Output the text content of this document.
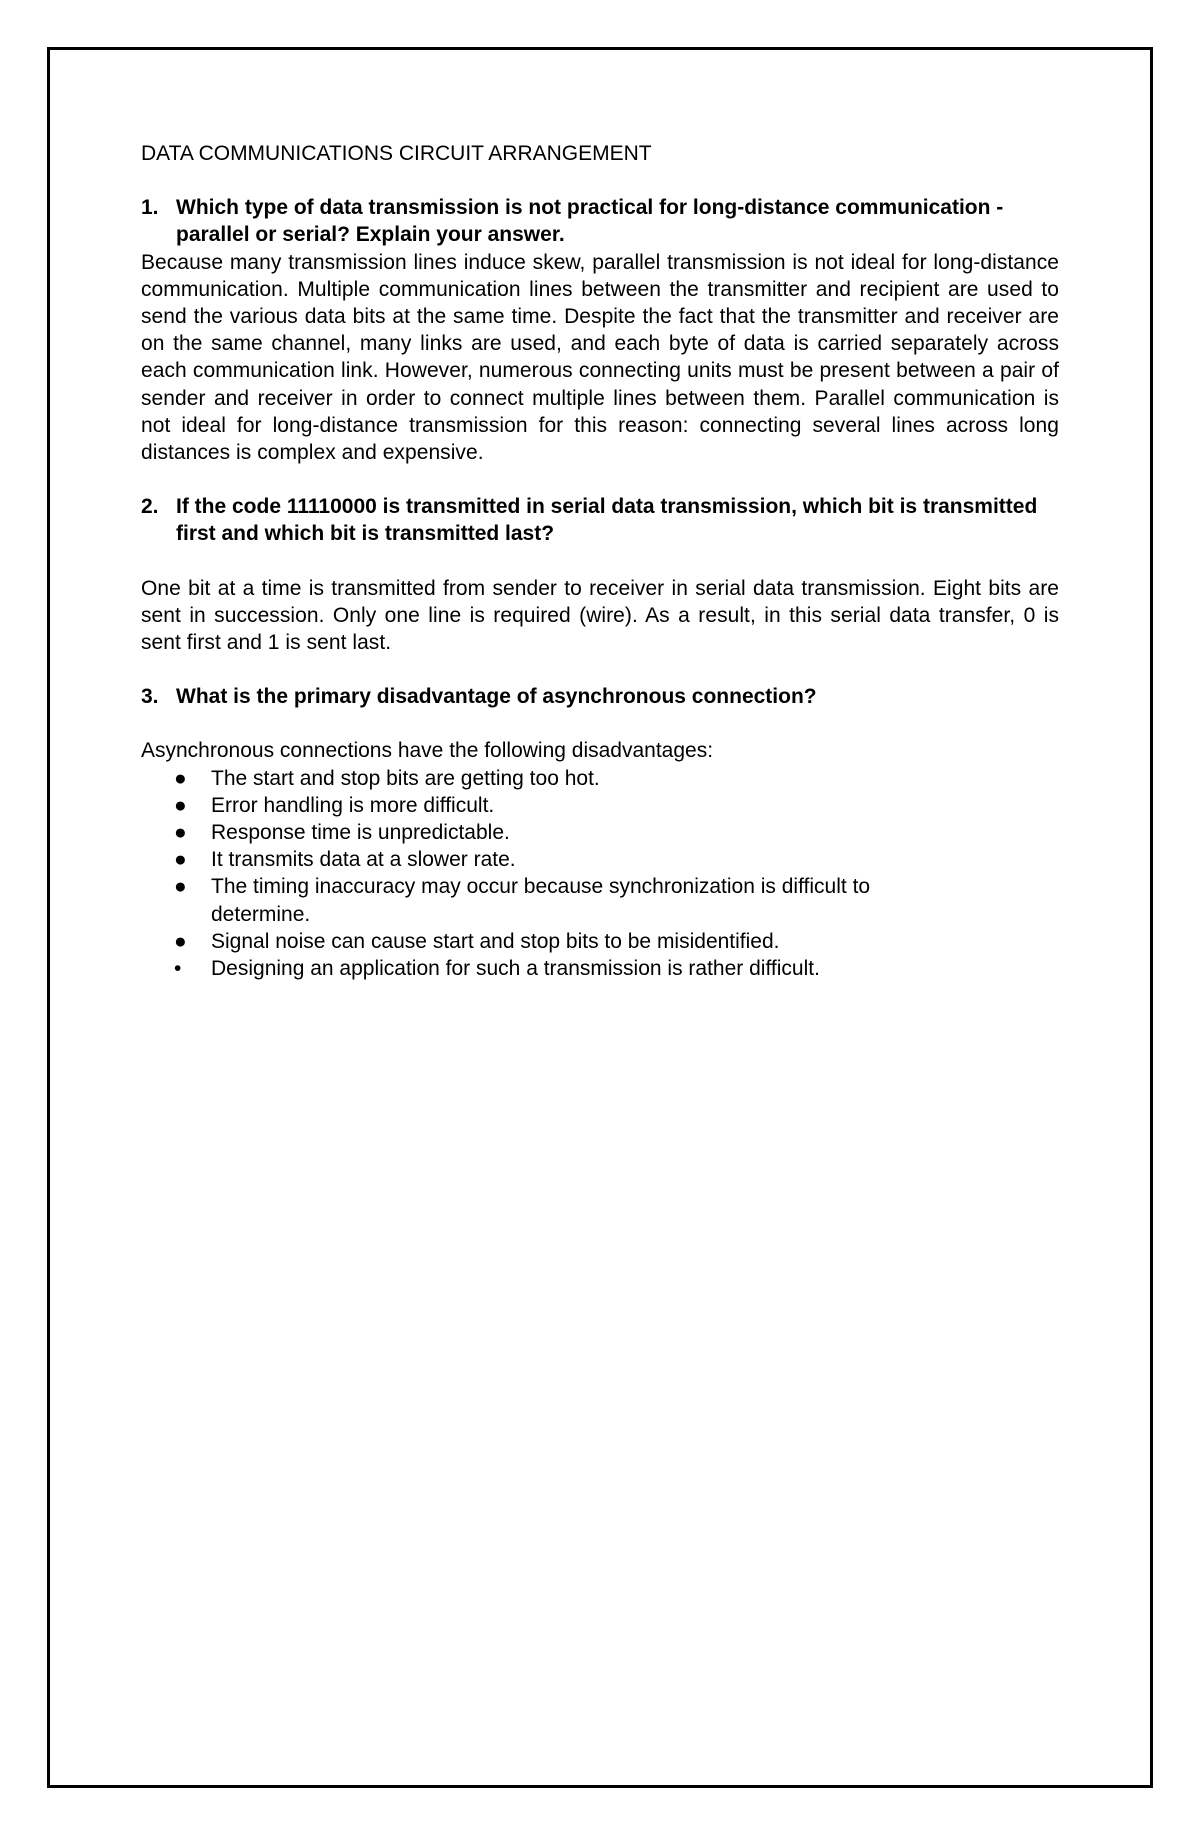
DATA COMMUNICATIONS CIRCUIT ARRANGEMENT

1. Which type of data transmission is not practical for long-distance communication - parallel or serial? Explain your answer.

Because many transmission lines induce skew, parallel transmission is not ideal for long-distance communication. Multiple communication lines between the transmitter and recipient are used to send the various data bits at the same time. Despite the fact that the transmitter and receiver are on the same channel, many links are used, and each byte of data is carried separately across each communication link. However, numerous connecting units must be present between a pair of sender and receiver in order to connect multiple lines between them. Parallel communication is not ideal for long-distance transmission for this reason: connecting several lines across long distances is complex and expensive.

2. If the code 11110000 is transmitted in serial data transmission, which bit is transmitted first and which bit is transmitted last?

One bit at a time is transmitted from sender to receiver in serial data transmission. Eight bits are sent in succession. Only one line is required (wire). As a result, in this serial data transfer, 0 is sent first and 1 is sent last.

3. What is the primary disadvantage of asynchronous connection?

Asynchronous connections have the following disadvantages:

●	The start and stop bits are getting too hot.
●	Error handling is more difficult.
●	Response time is unpredictable.
●	It transmits data at a slower rate.
●	The timing inaccuracy may occur because synchronization is difficult to determine.
●	Signal noise can cause start and stop bits to be misidentified.
•	Designing an application for such a transmission is rather difficult.
